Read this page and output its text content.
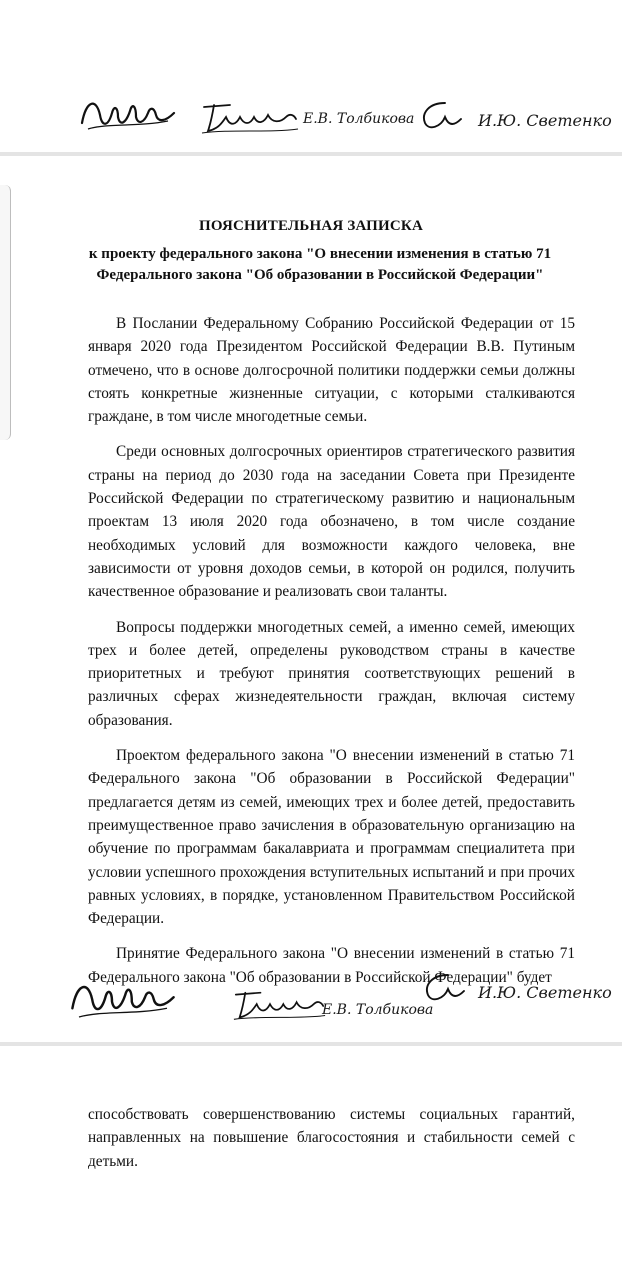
Е.В. Толбикова	И.Ю. Светенко
ПОЯСНИТЕЛЬНАЯ ЗАПИСКА
к проекту федерального закона "О внесении изменения в статью 71 Федерального закона "Об образовании в Российской Федерации"

В Послании Федеральному Собранию Российской Федерации от 15 января 2020 года Президентом Российской Федерации В.В. Путиным отмечено, что в основе долгосрочной политики поддержки семьи должны стоять конкретные жизненные ситуации, с которыми сталкиваются граждане, в том числе многодетные семьи.

Среди основных долгосрочных ориентиров стратегического развития страны на период до 2030 года на заседании Совета при Президенте Российской Федерации по стратегическому развитию и национальным проектам 13 июля 2020 года обозначено, в том числе создание необходимых условий для возможности каждого человека, вне зависимости от уровня доходов семьи, в которой он родился, получить качественное образование и реализовать свои таланты.

Вопросы поддержки многодетных семей, а именно семей, имеющих трех и более детей, определены руководством страны в качестве приоритетных и требуют принятия соответствующих решений в различных сферах жизнедеятельности граждан, включая систему образования.

Проектом федерального закона "О внесении изменений в статью 71 Федерального закона "Об образовании в Российской Федерации" предлагается детям из семей, имеющих трех и более детей, предоставить преимущественное право зачисления в образовательную организацию на обучение по программам бакалавриата и программам специалитета при условии успешного прохождения вступительных испытаний и при прочих равных условиях, в порядке, установленном Правительством Российской Федерации.

Принятие Федерального закона "О внесении изменений в статью 71 Федерального закона "Об образовании в Российской Федерации" будет

Е.В. Толбикова
И.Ю. Светенко

способствовать совершенствованию системы социальных гарантий, направленных на повышение благосостояния и стабильности семей с детьми.
